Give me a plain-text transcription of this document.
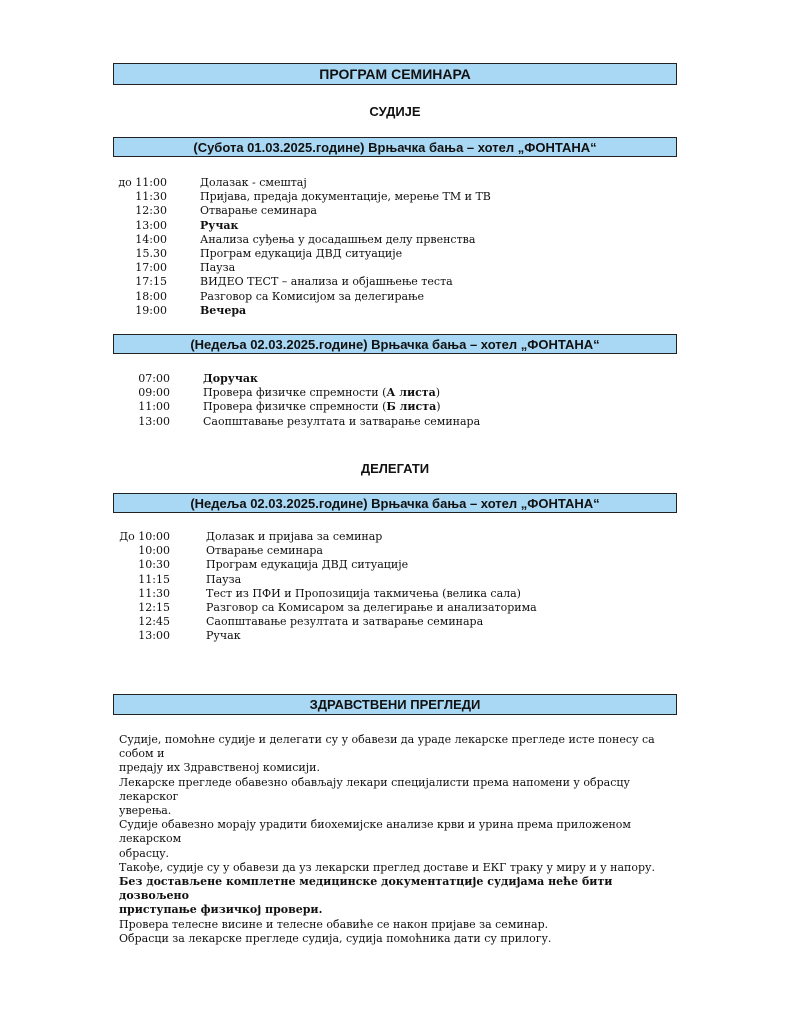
ПРОГРАМ СЕМИНАРА
СУДИЈЕ
(Субота 01.03.2025.године) Врњачка бања – хотел „ФОНТАНА“
до 11:00	Долазак - смештај
11:30	Пријава, предаја документације, мерење ТМ и ТВ
12:30	Отварање семинара
13:00	Ручак
14:00	Анализа суђења у досадашњем делу првенства
15.30	Програм едукација ДВД ситуације
17:00	Пауза
17:15	ВИДЕО ТЕСТ – анализа и објашњење теста
18:00	Разговор са Комисијом за делегирање
19:00	Вечера
(Недеља 02.03.2025.године) Врњачка бања – хотел „ФОНТАНА“
07:00	Доручак
09:00	Провера физичке спремности (А листа)
11:00	Провера физичке спремности (Б листа)
13:00	Саопштавање резултата и затварање семинара
ДЕЛЕГАТИ
(Недеља 02.03.2025.године) Врњачка бања – хотел „ФОНТАНА“
До 10:00	Долазак и пријава за семинар
10:00	Отварање семинара
10:30	Програм едукација ДВД ситуације
11:15	Пауза
11:30	Тест из ПФИ и Пропозиција такмичења (велика сала)
12:15	Разговор са Комисаром за делегирање и анализаторима
12:45	Саопштавање резултата и затварање семинара
13:00	Ручак
ЗДРАВСТВЕНИ ПРЕГЛЕДИ

Судије, помоћне судије и делегати су у обавези да ураде лекарске прегледе исте понесу са собом и

предају их Здравственој комисији.

Лекарске прегледе обавезно обављају лекари специјалисти према напомени у обрасцу лекарског

уверења.

Судије обавезно морају урадити биохемијске анализе крви и урина према приложеном лекарском

обрасцу.

Такође, судије су у обавези да уз лекарски преглед доставе и ЕКГ траку у миру и у напору.

Без достављене комплетне медицинске документатције судијама неће бити дозвољено

приступање физичкој провери.

Провера телесне висине и телесне обавиће се након пријаве за семинар.

Обрасци за лекарске прегледе судија, судија помоћника дати су прилогу.
